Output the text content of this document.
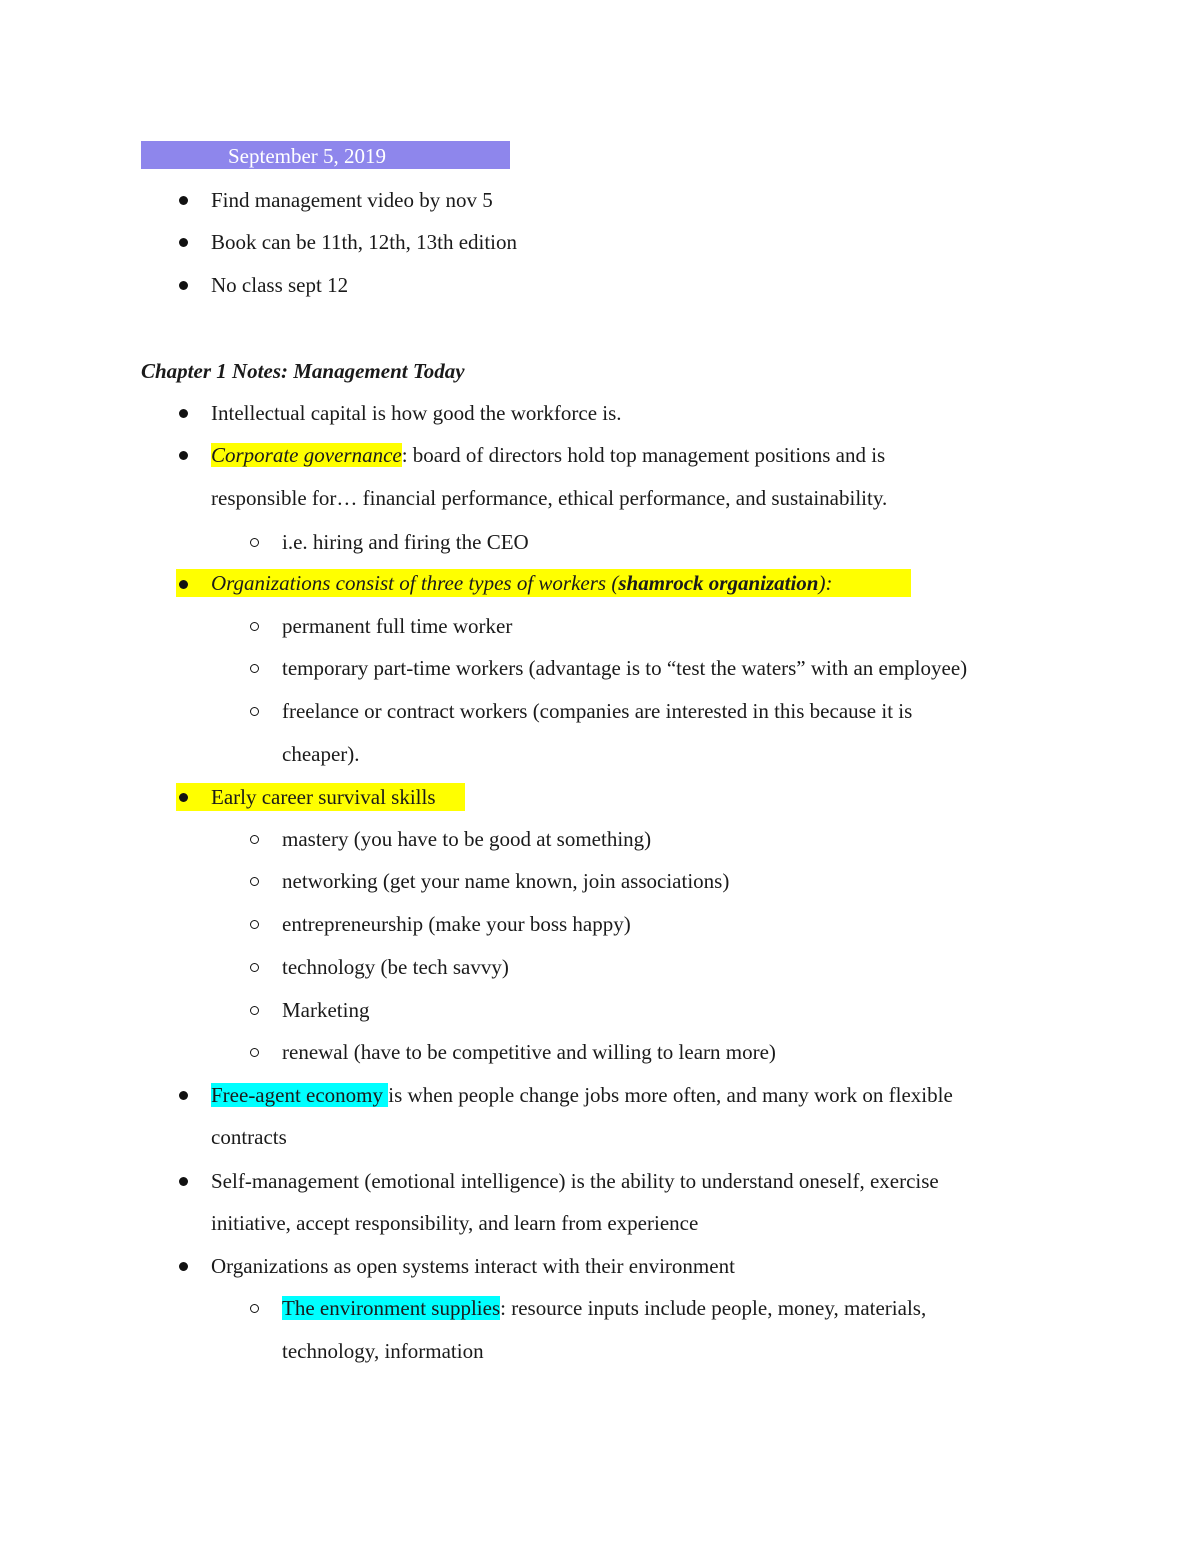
September 5, 2019
Find management video by nov 5
Book can be 11th, 12th, 13th edition
No class sept 12
Chapter 1 Notes: Management Today
Intellectual capital is how good the workforce is.
Corporate governance: board of directors hold top management positions and is
responsible for… financial performance, ethical performance, and sustainability.
i.e. hiring and firing the CEO
Organizations consist of three types of workers (shamrock organization):
permanent full time worker
temporary part-time workers (advantage is to “test the waters” with an employee)
freelance or contract workers (companies are interested in this because it is
cheaper).
Early career survival skills
mastery (you have to be good at something)
networking (get your name known, join associations)
entrepreneurship (make your boss happy)
technology (be tech savvy)
Marketing
renewal (have to be competitive and willing to learn more)
Free-agent economy is when people change jobs more often, and many work on flexible
contracts
Self-management (emotional intelligence) is the ability to understand oneself, exercise
initiative, accept responsibility, and learn from experience
Organizations as open systems interact with their environment
The environment supplies: resource inputs include people, money, materials,
technology, information
